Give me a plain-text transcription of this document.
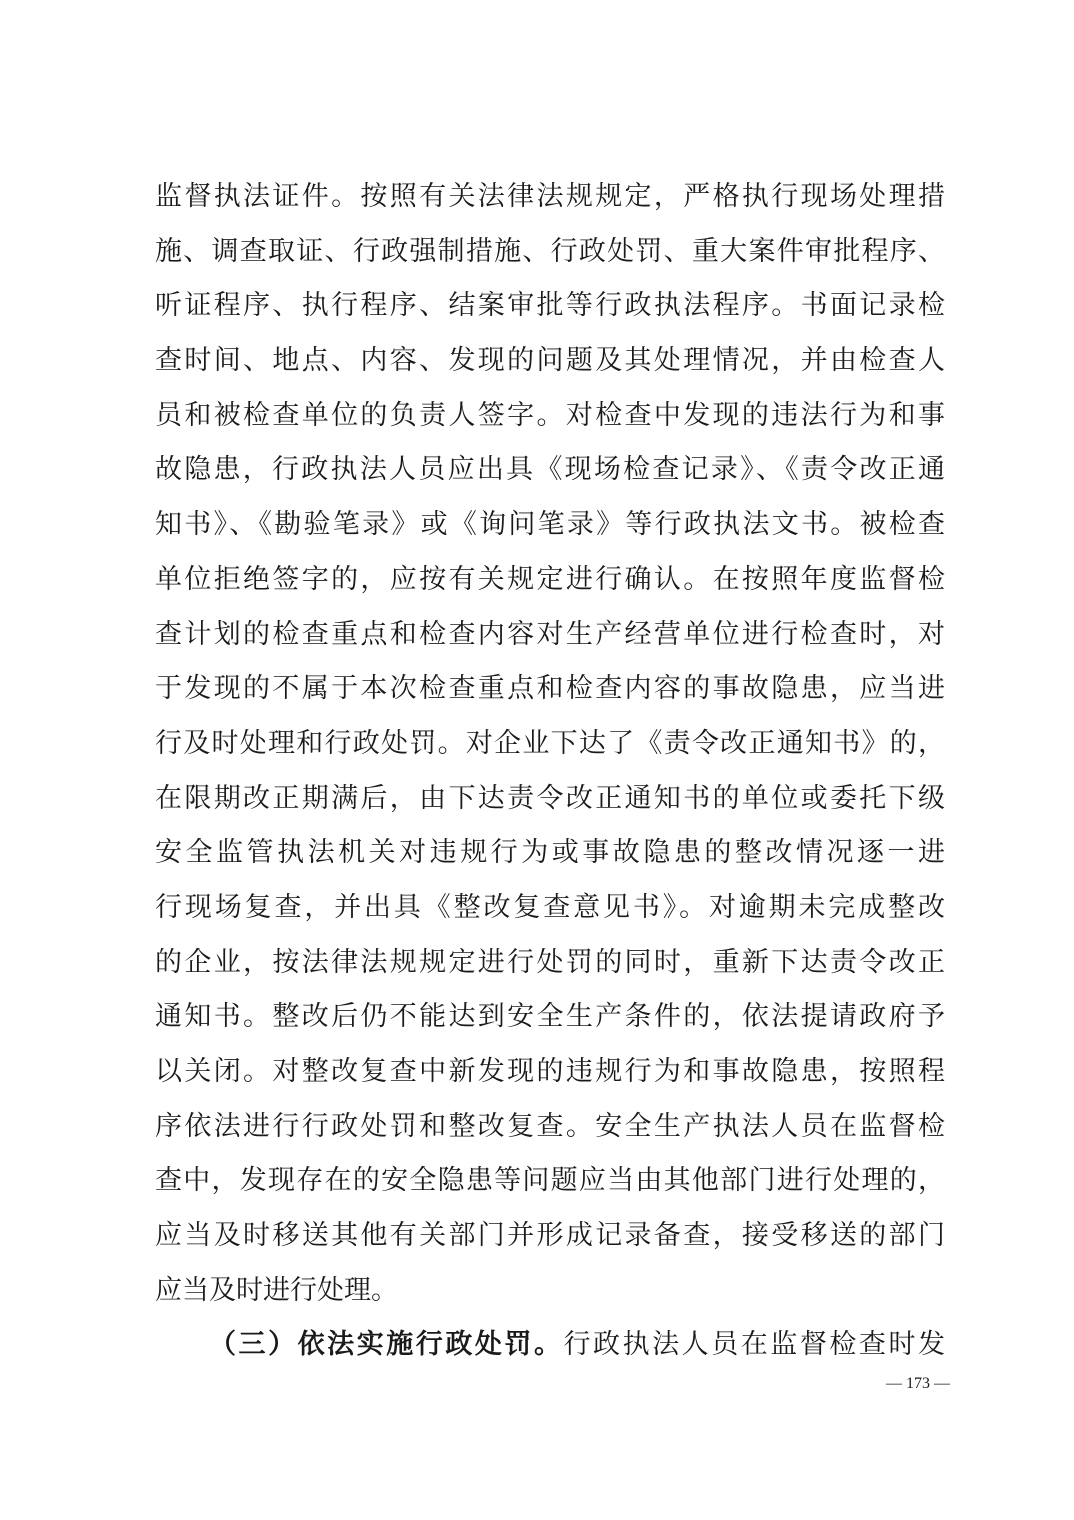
监督执法证件。按照有关法律法规规定，严格执行现场处理措
施、调查取证、行政强制措施、行政处罚、重大案件审批程序、
听证程序、执行程序、结案审批等行政执法程序。书面记录检
查时间、地点、内容、发现的问题及其处理情况，并由检查人
员和被检查单位的负责人签字。对检查中发现的违法行为和事
故隐患，行政执法人员应出具《现场检查记录》、《责令改正通
知书》、《勘验笔录》或《询问笔录》等行政执法文书。被检查
单位拒绝签字的，应按有关规定进行确认。在按照年度监督检
查计划的检查重点和检查内容对生产经营单位进行检查时，对
于发现的不属于本次检查重点和检查内容的事故隐患，应当进
行及时处理和行政处罚。对企业下达了《责令改正通知书》的，
在限期改正期满后，由下达责令改正通知书的单位或委托下级
安全监管执法机关对违规行为或事故隐患的整改情况逐一进
行现场复查，并出具《整改复查意见书》。对逾期未完成整改
的企业，按法律法规规定进行处罚的同时，重新下达责令改正
通知书。整改后仍不能达到安全生产条件的，依法提请政府予
以关闭。对整改复查中新发现的违规行为和事故隐患，按照程
序依法进行行政处罚和整改复查。安全生产执法人员在监督检
查中，发现存在的安全隐患等问题应当由其他部门进行处理的，
应当及时移送其他有关部门并形成记录备查，接受移送的部门
应当及时进行处理。
（三）依法实施行政处罚。行政执法人员在监督检查时发
— 173 —
